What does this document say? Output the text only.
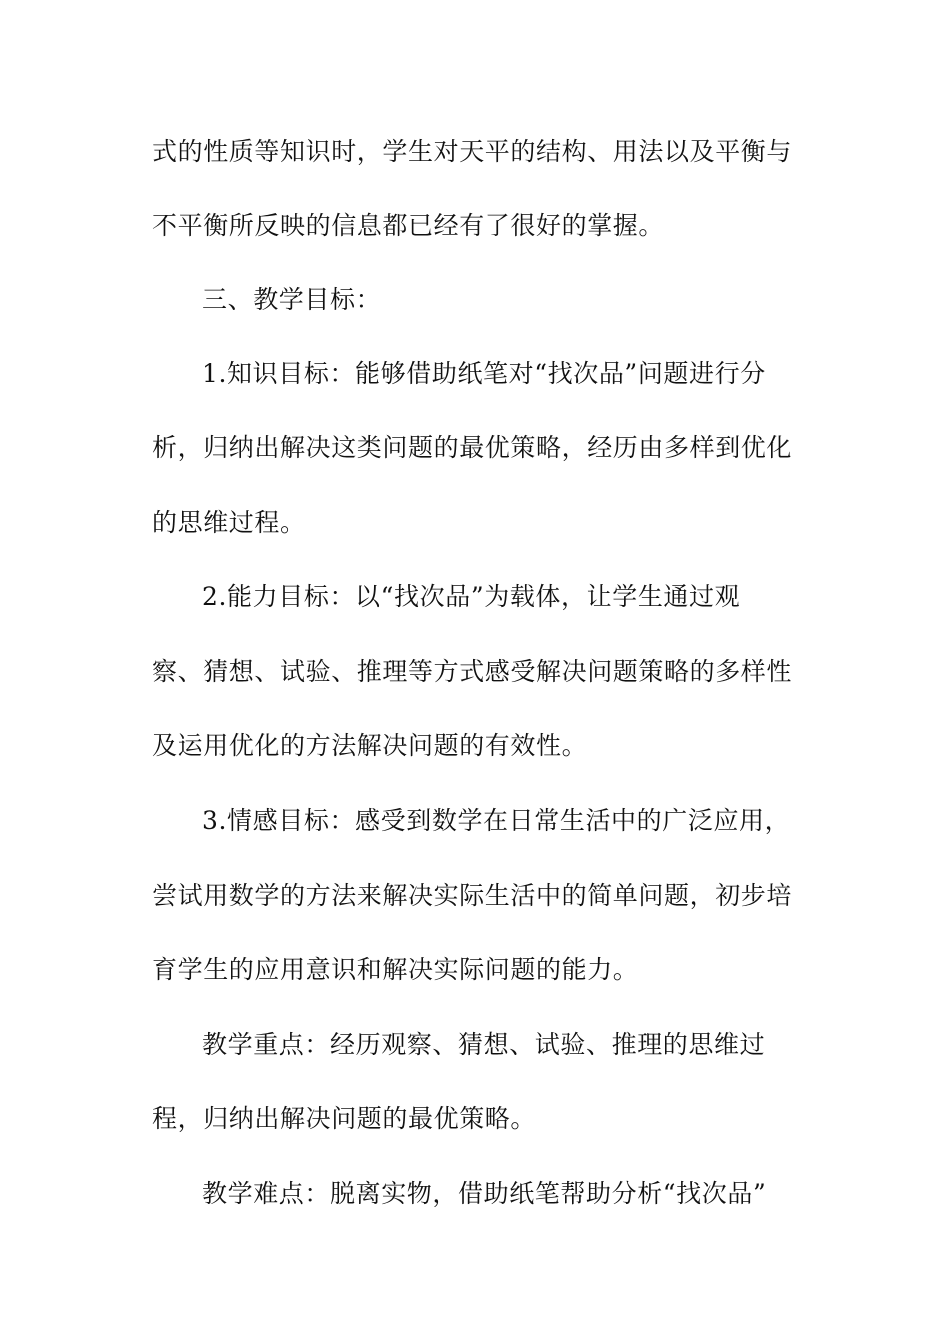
式的性质等知识时，学生对天平的结构、用法以及平衡与
不平衡所反映的信息都已经有了很好的掌握。
三、教学目标：
1.知识目标：能够借助纸笔对“找次品”问题进行分
析，归纳出解决这类问题的最优策略，经历由多样到优化
的思维过程。
2.能力目标：以“找次品”为载体，让学生通过观
察、猜想、试验、推理等方式感受解决问题策略的多样性
及运用优化的方法解决问题的有效性。
3.情感目标：感受到数学在日常生活中的广泛应用，
尝试用数学的方法来解决实际生活中的简单问题，初步培
育学生的应用意识和解决实际问题的能力。
教学重点：经历观察、猜想、试验、推理的思维过
程，归纳出解决问题的最优策略。
教学难点：脱离实物，借助纸笔帮助分析“找次品”
